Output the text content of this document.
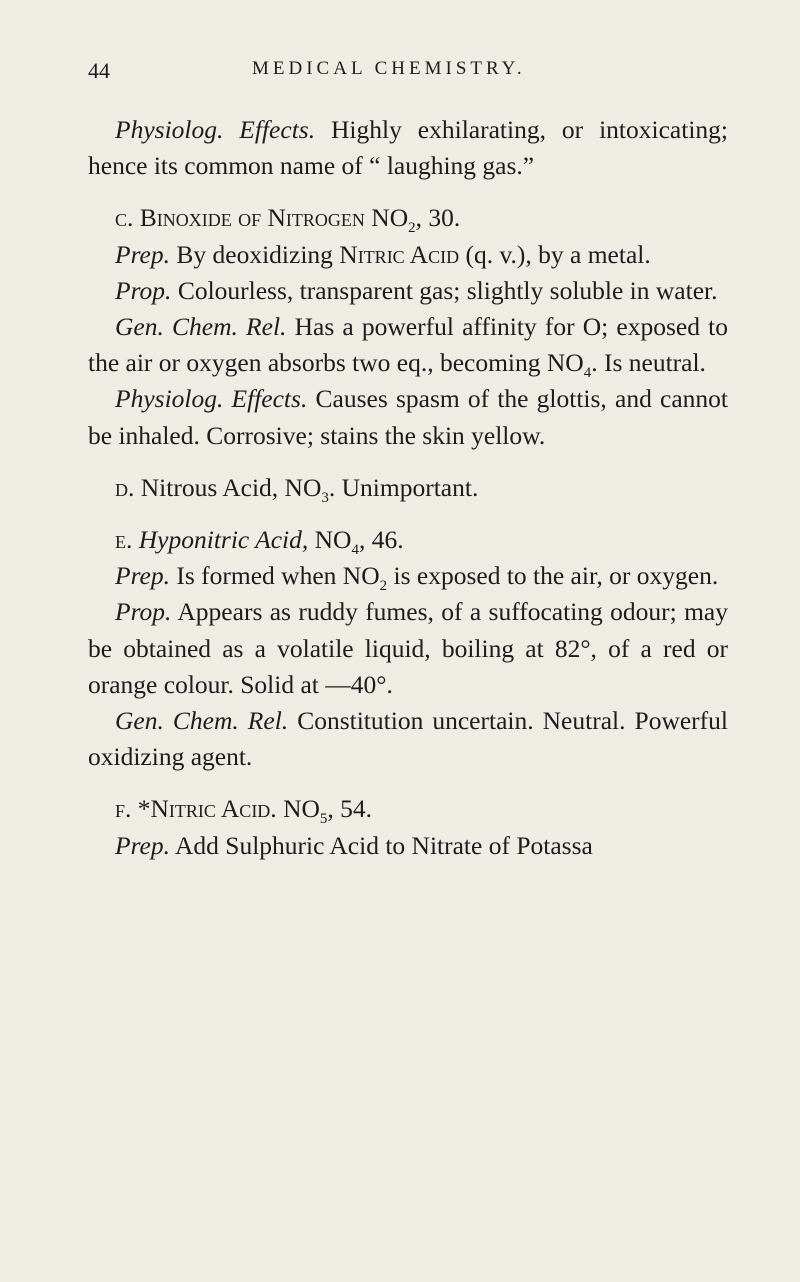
44	MEDICAL CHEMISTRY.

Physiolog. Effects. Highly exhilarating, or intoxicating; hence its common name of “ laughing gas.”

c. Binoxide of Nitrogen $NO_2$, 30.

Prep. By deoxidizing Nitric Acid (q. v.), by a metal.

Prop. Colourless, transparent gas; slightly soluble in water.

Gen. Chem. Rel. Has a powerful affinity for O; exposed to the air or oxygen absorbs two eq., becoming $NO_4$. Is neutral.

Physiolog. Effects. Causes spasm of the glottis, and cannot be inhaled. Corrosive; stains the skin yellow.

d. Nitrous Acid, $NO_3$. Unimportant.

e. Hyponitric Acid, $NO_4$, 46.

Prep. Is formed when $NO_2$ is exposed to the air, or oxygen.

Prop. Appears as ruddy fumes, of a suffocating odour; may be obtained as a volatile liquid, boiling at 82°, of a red or orange colour. Solid at —40°.

Gen. Chem. Rel. Constitution uncertain. Neutral. Powerful oxidizing agent.

f. *Nitric Acid. $NO_5$, 54.

Prep. Add Sulphuric Acid to Nitrate of Potassa
